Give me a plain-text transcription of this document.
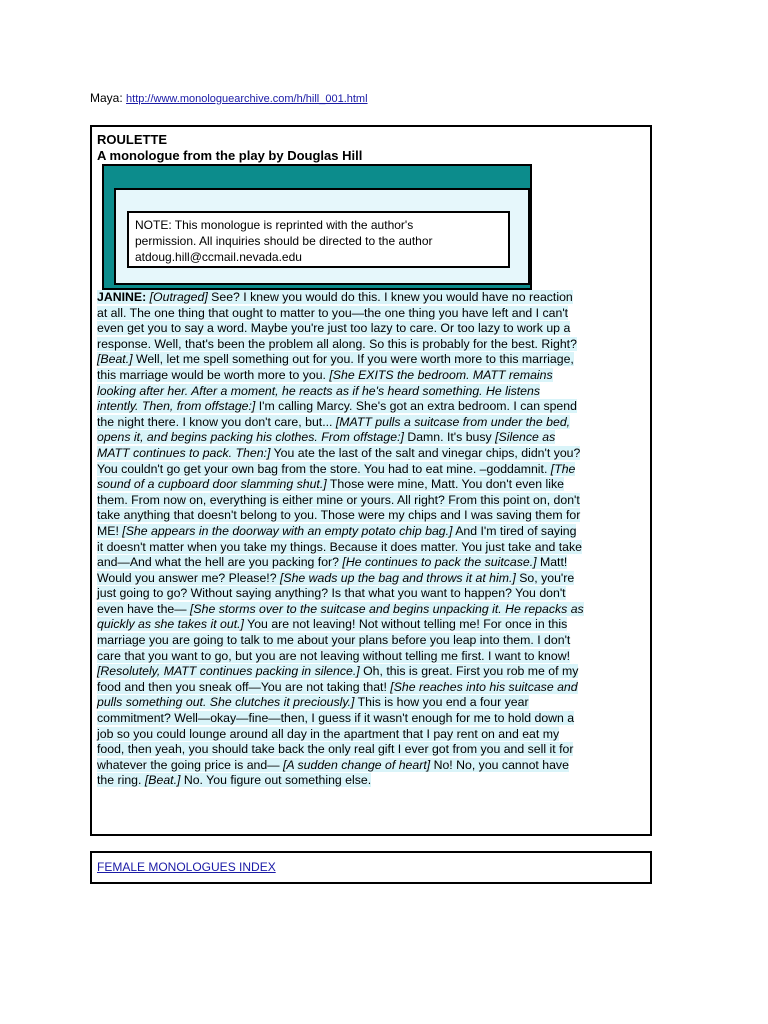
Maya: http://www.monologuearchive.com/h/hill_001.html
ROULETTE
A monologue from the play by Douglas Hill
NOTE: This monologue is reprinted with the author's
permission. All inquiries should be directed to the author
atdoug.hill@ccmail.nevada.edu
JANINE: [Outraged] See? I knew you would do this. I knew you would have no reaction
at all. The one thing that ought to matter to you—the one thing you have left and I can't
even get you to say a word. Maybe you're just too lazy to care. Or too lazy to work up a
response. Well, that's been the problem all along. So this is probably for the best. Right?
[Beat.] Well, let me spell something out for you. If you were worth more to this marriage,
this marriage would be worth more to you. [She EXITS the bedroom. MATT remains
looking after her. After a moment, he reacts as if he's heard something. He listens
intently. Then, from offstage:] I'm calling Marcy. She's got an extra bedroom. I can spend
the night there. I know you don't care, but... [MATT pulls a suitcase from under the bed,
opens it, and begins packing his clothes. From offstage:] Damn. It's busy [Silence as
MATT continues to pack. Then:] You ate the last of the salt and vinegar chips, didn't you?
You couldn't go get your own bag from the store. You had to eat mine. –goddamnit. [The
sound of a cupboard door slamming shut.] Those were mine, Matt. You don't even like
them. From now on, everything is either mine or yours. All right? From this point on, don't
take anything that doesn't belong to you. Those were my chips and I was saving them for
ME! [She appears in the doorway with an empty potato chip bag.] And I'm tired of saying
it doesn't matter when you take my things. Because it does matter. You just take and take
and—And what the hell are you packing for? [He continues to pack the suitcase.] Matt!
Would you answer me? Please!? [She wads up the bag and throws it at him.] So, you're
just going to go? Without saying anything? Is that what you want to happen? You don't
even have the— [She storms over to the suitcase and begins unpacking it. He repacks as
quickly as she takes it out.] You are not leaving! Not without telling me! For once in this
marriage you are going to talk to me about your plans before you leap into them. I don't
care that you want to go, but you are not leaving without telling me first. I want to know!
[Resolutely, MATT continues packing in silence.] Oh, this is great. First you rob me of my
food and then you sneak off—You are not taking that! [She reaches into his suitcase and
pulls something out. She clutches it preciously.] This is how you end a four year
commitment? Well—okay—fine—then, I guess if it wasn't enough for me to hold down a
job so you could lounge around all day in the apartment that I pay rent on and eat my
food, then yeah, you should take back the only real gift I ever got from you and sell it for
whatever the going price is and— [A sudden change of heart] No! No, you cannot have
the ring. [Beat.] No. You figure out something else.
FEMALE MONOLOGUES INDEX
